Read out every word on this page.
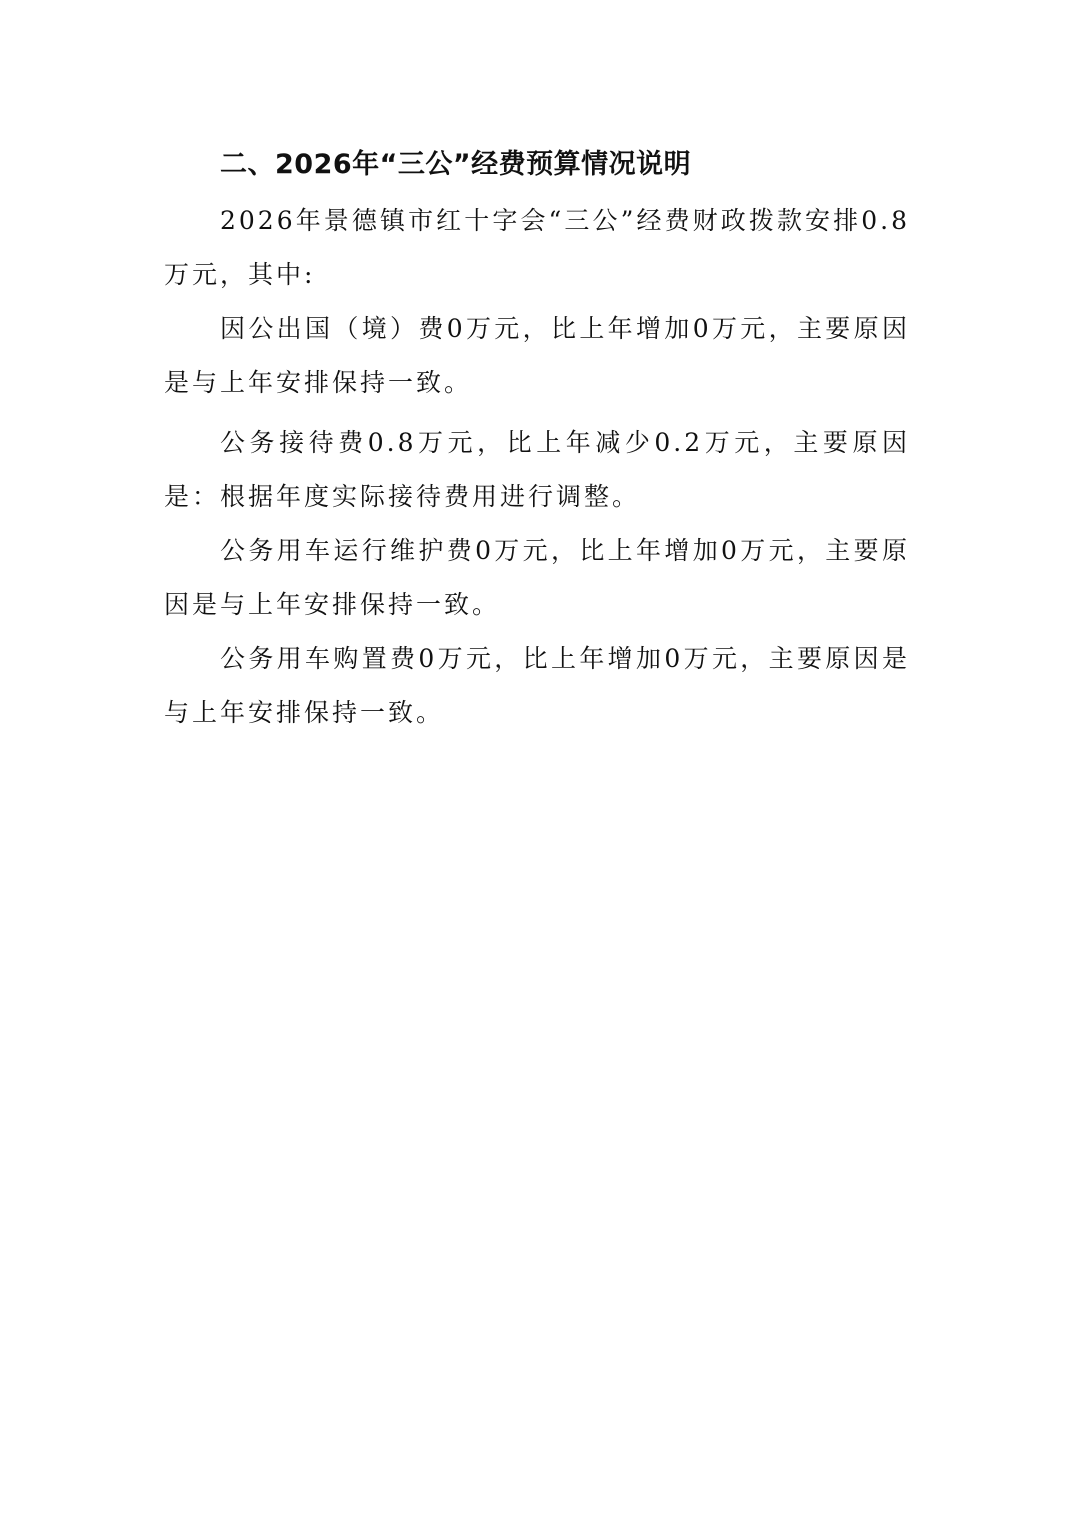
二、2026年“三公”经费预算情况说明

2026年景德镇市红十字会“三公”经费财政拨款安排0.8万元，其中:

因公出国（境）费0万元，比上年增加0万元，主要原因是与上年安排保持一致。

公务接待费0.8万元，比上年减少0.2万元，主要原因是：根据年度实际接待费用进行调整。

公务用车运行维护费0万元，比上年增加0万元，主要原因是与上年安排保持一致。

公务用车购置费0万元，比上年增加0万元，主要原因是与上年安排保持一致。
